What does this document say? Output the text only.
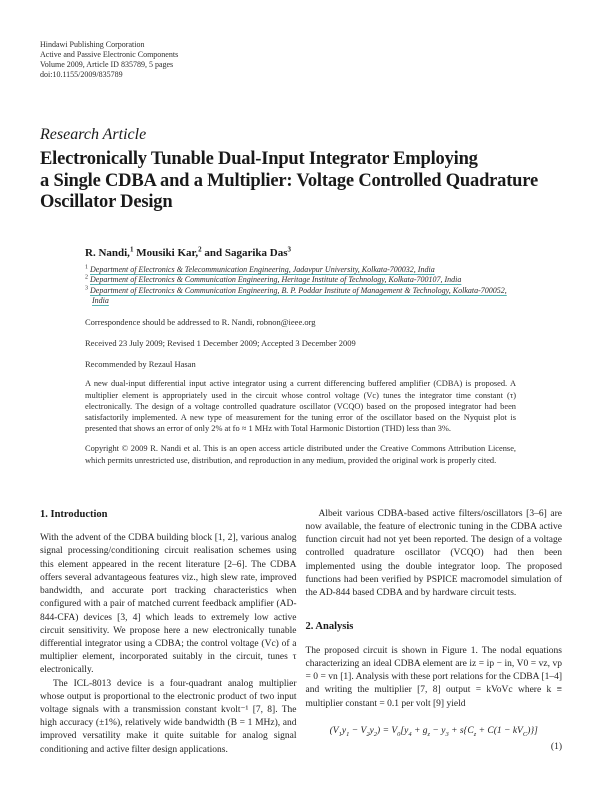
Hindawi Publishing Corporation
Active and Passive Electronic Components
Volume 2009, Article ID 835789, 5 pages
doi:10.1155/2009/835789
Research Article
Electronically Tunable Dual-Input Integrator Employing
a Single CDBA and a Multiplier: Voltage Controlled Quadrature
Oscillator Design
R. Nandi,$^1$ Mousiki Kar,$^2$ and Sagarika Das$^3$
$^1$ Department of Electronics & Telecommunication Engineering, Jadavpur University, Kolkata-700032, India
$^2$ Department of Electronics & Communication Engineering, Heritage Institute of Technology, Kolkata-700107, India
$^3$ Department of Electronics & Communication Engineering, B. P. Poddar Institute of Management & Technology, Kolkata-700052, India
Correspondence should be addressed to R. Nandi, robnon@ieee.org
Received 23 July 2009; Revised 1 December 2009; Accepted 3 December 2009
Recommended by Rezaul Hasan

A new dual-input differential input active integrator using a current differencing buffered amplifier (CDBA) is proposed. A multiplier element is appropriately used in the circuit whose control voltage (Vc) tunes the integrator time constant (τ) electronically. The design of a voltage controlled quadrature oscillator (VCQO) based on the proposed integrator had been satisfactorily implemented. A new type of measurement for the tuning error of the oscillator based on the Nyquist plot is presented that shows an error of only 2% at fo ≈ 1 MHz with Total Harmonic Distortion (THD) less than 3%.

Copyright © 2009 R. Nandi et al. This is an open access article distributed under the Creative Commons Attribution License, which permits unrestricted use, distribution, and reproduction in any medium, provided the original work is properly cited.

1. Introduction

With the advent of the CDBA building block [1, 2], various analog signal processing/conditioning circuit realisation schemes using this element appeared in the recent literature [2–6]. The CDBA offers several advantageous features viz., high slew rate, improved bandwidth, and accurate port tracking characteristics when configured with a pair of matched current feedback amplifier (AD-844-CFA) devices [3, 4] which leads to extremely low active circuit sensitivity. We propose here a new electronically tunable differential integrator using a CDBA; the control voltage (Vc) of a multiplier element, incorporated suitably in the circuit, tunes τ electronically.

The ICL-8013 device is a four-quadrant analog multiplier whose output is proportional to the electronic product of two input voltage signals with a transmission constant kvolt⁻¹ [7, 8]. The high accuracy (±1%), relatively wide bandwidth (B = 1 MHz), and improved versatility make it quite suitable for analog signal conditioning and active filter design applications.

Albeit various CDBA-based active filters/oscillators [3–6] are now available, the feature of electronic tuning in the CDBA active function circuit had not yet been reported. The design of a voltage controlled quadrature oscillator (VCQO) had then been implemented using the double integrator loop. The proposed functions had been verified by PSPICE macromodel simulation of the AD-844 based CDBA and by hardware circuit tests.

2. Analysis

The proposed circuit is shown in Figure 1. The nodal equations characterizing an ideal CDBA element are iz = ip − in, V0 = vz, vp = 0 = vn [1]. Analysis with these port relations for the CDBA [1–4] and writing the multiplier [7, 8] output = kVoVc where k ≡ multiplier constant = 0.1 per volt [9] yield

$(V_1y_1 - V_2y_2) = V_0[y_4 + g_z - y_3 + s\{C_z + C(1 - kV_C)\}]$
(1)
